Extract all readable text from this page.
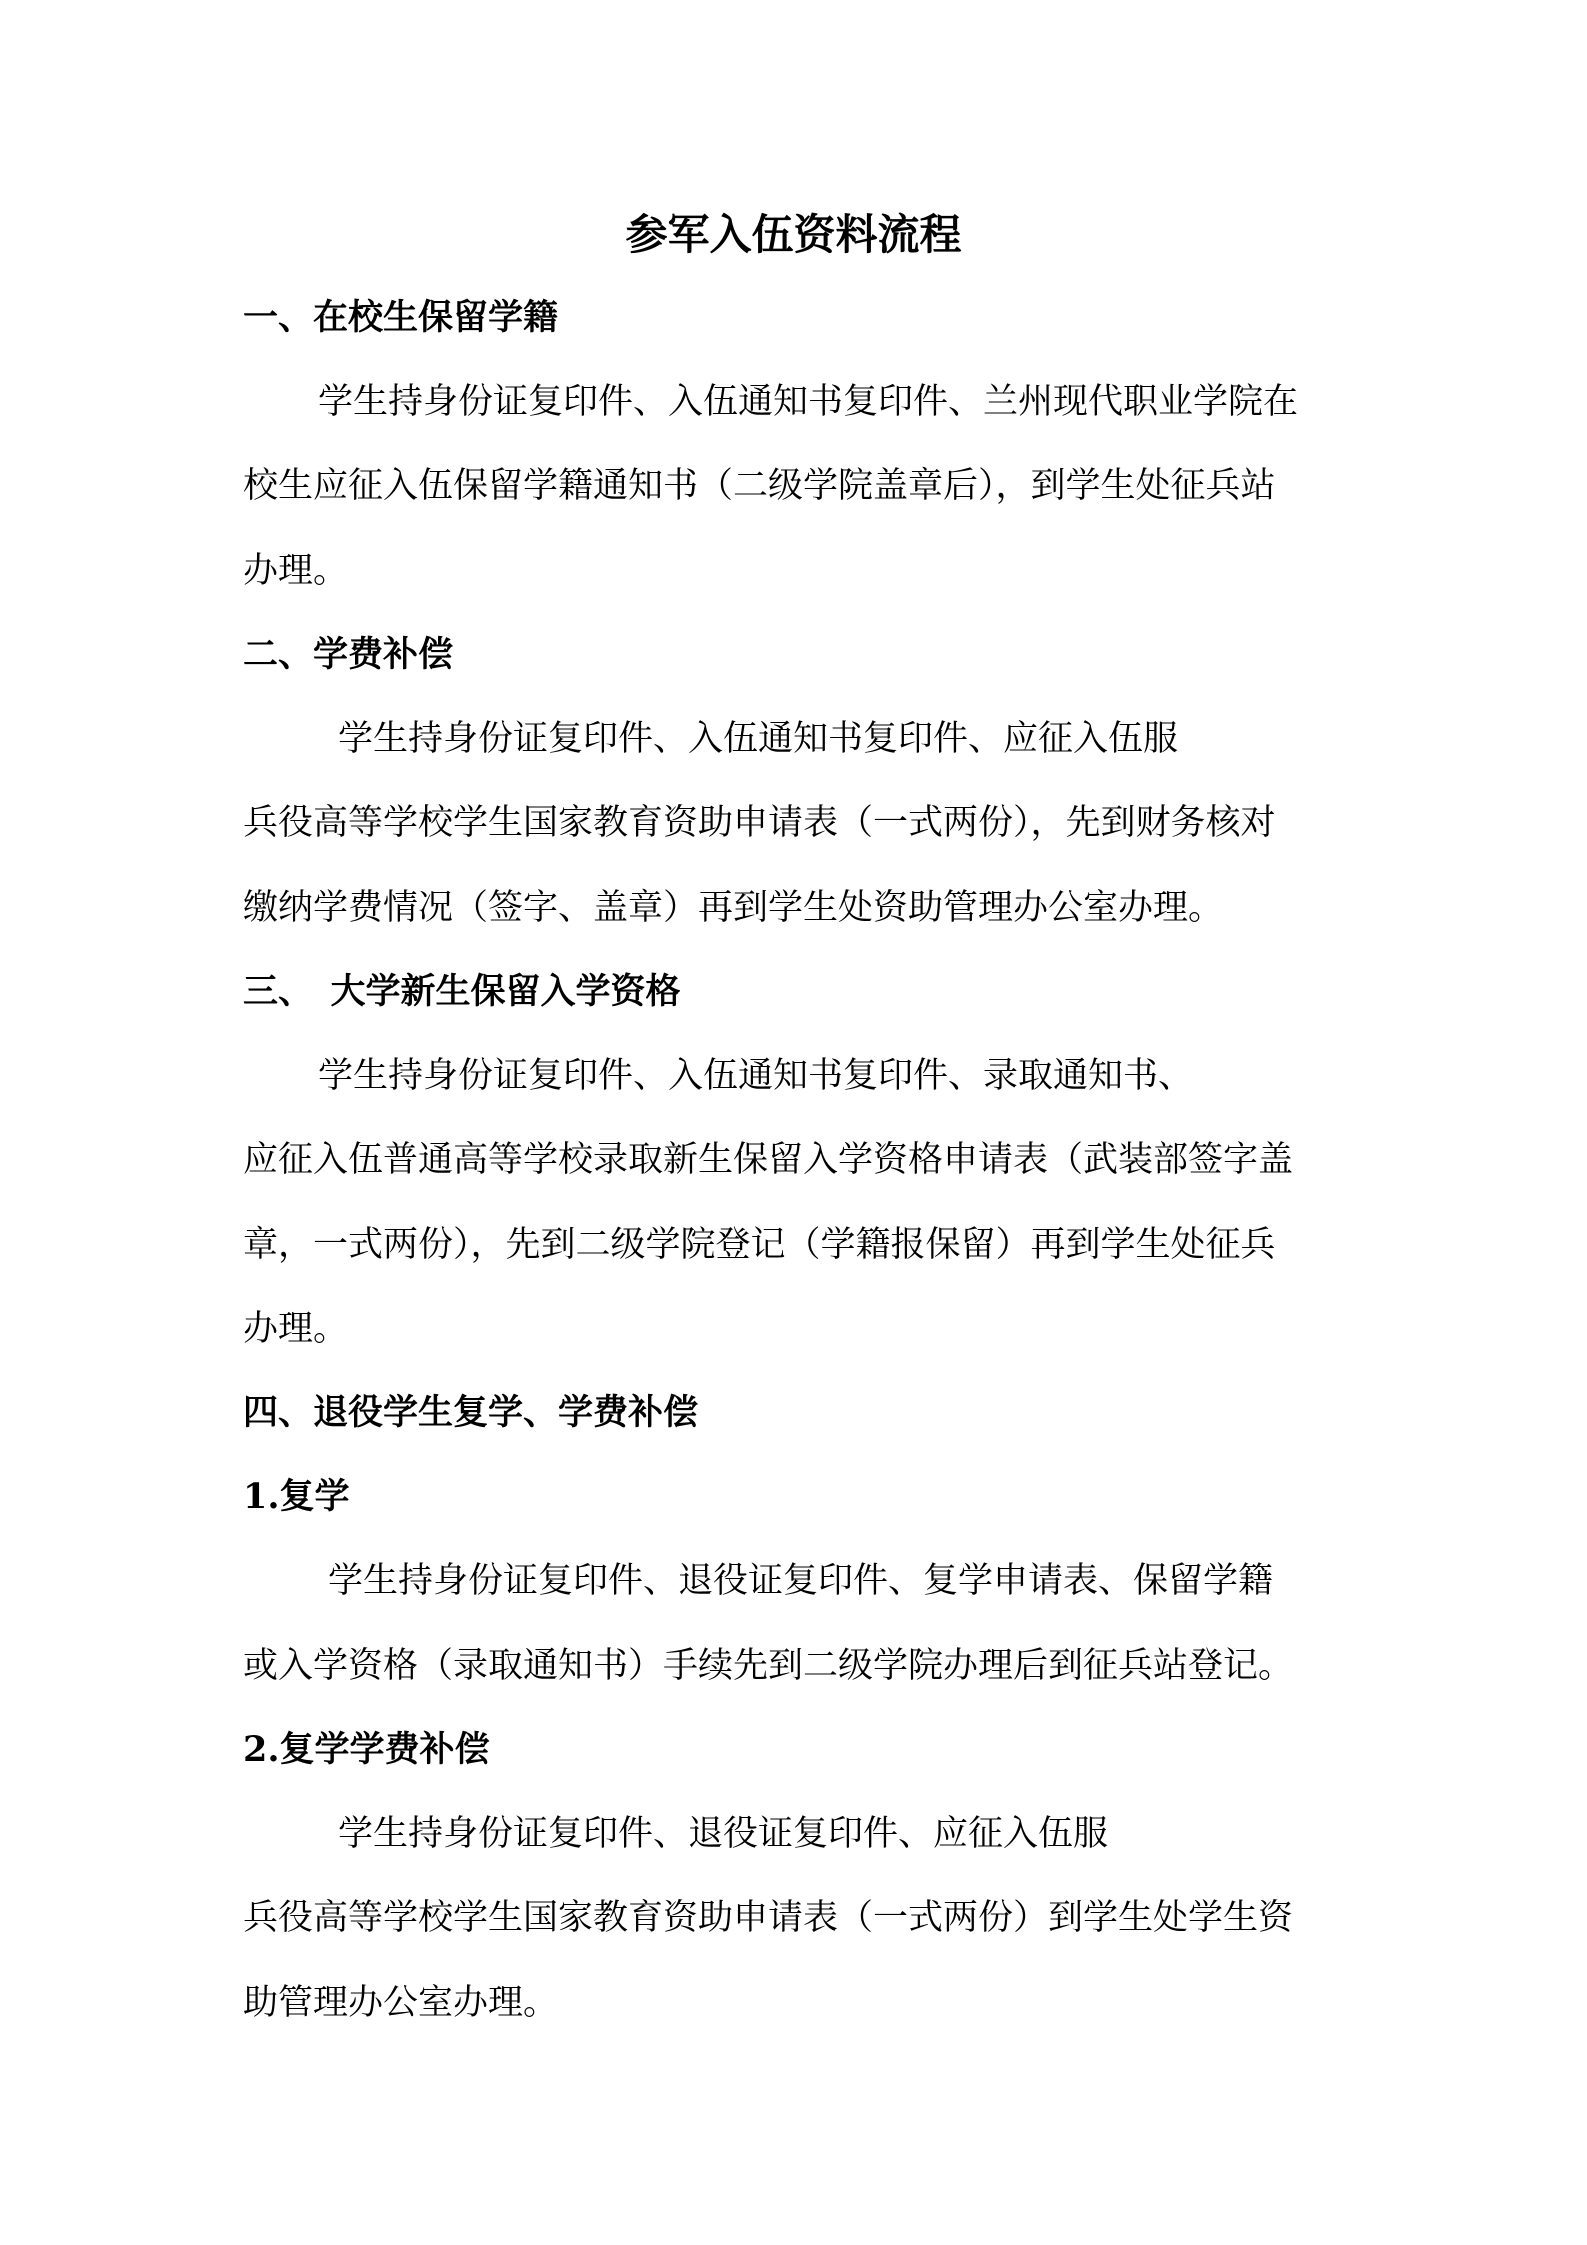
参军入伍资料流程
一、在校生保留学籍

学生持身份证复印件、入伍通知书复印件、兰州现代职业学院在

校生应征入伍保留学籍通知书（二级学院盖章后），到学生处征兵站

办理。

二、学费补偿

学生持身份证复印件、入伍通知书复印件、应征入伍服

兵役高等学校学生国家教育资助申请表（一式两份），先到财务核对

缴纳学费情况（签字、盖章）再到学生处资助管理办公室办理。

三、　大学新生保留入学资格

学生持身份证复印件、入伍通知书复印件、录取通知书、

应征入伍普通高等学校录取新生保留入学资格申请表（武装部签字盖

章，一式两份），先到二级学院登记（学籍报保留）再到学生处征兵

办理。

四、退役学生复学、学费补偿
1.复学

学生持身份证复印件、退役证复印件、复学申请表、保留学籍

或入学资格（录取通知书）手续先到二级学院办理后到征兵站登记。

2.复学学费补偿

学生持身份证复印件、退役证复印件、应征入伍服

兵役高等学校学生国家教育资助申请表（一式两份）到学生处学生资

助管理办公室办理。
